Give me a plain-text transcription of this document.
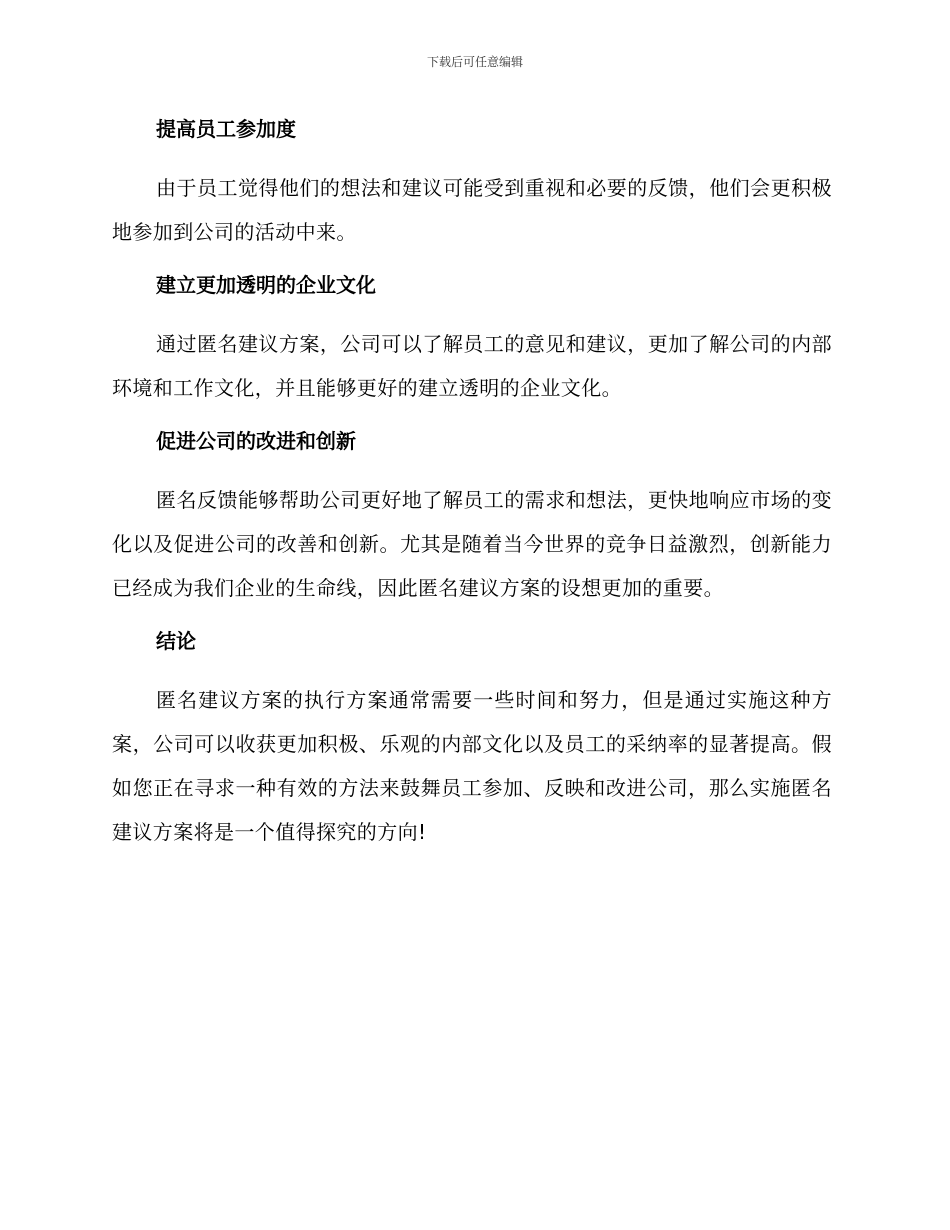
下载后可任意编辑
提高员工参加度

由于员工觉得他们的想法和建议可能受到重视和必要的反馈，他们会更积极地参加到公司的活动中来。

建立更加透明的企业文化

通过匿名建议方案，公司可以了解员工的意见和建议，更加了解公司的内部环境和工作文化，并且能够更好的建立透明的企业文化。

促进公司的改进和创新

匿名反馈能够帮助公司更好地了解员工的需求和想法，更快地响应市场的变化以及促进公司的改善和创新。尤其是随着当今世界的竞争日益激烈，创新能力已经成为我们企业的生命线，因此匿名建议方案的设想更加的重要。

结论

匿名建议方案的执行方案通常需要一些时间和努力，但是通过实施这种方案，公司可以收获更加积极、乐观的内部文化以及员工的采纳率的显著提高。假如您正在寻求一种有效的方法来鼓舞员工参加、反映和改进公司，那么实施匿名建议方案将是一个值得探究的方向!
